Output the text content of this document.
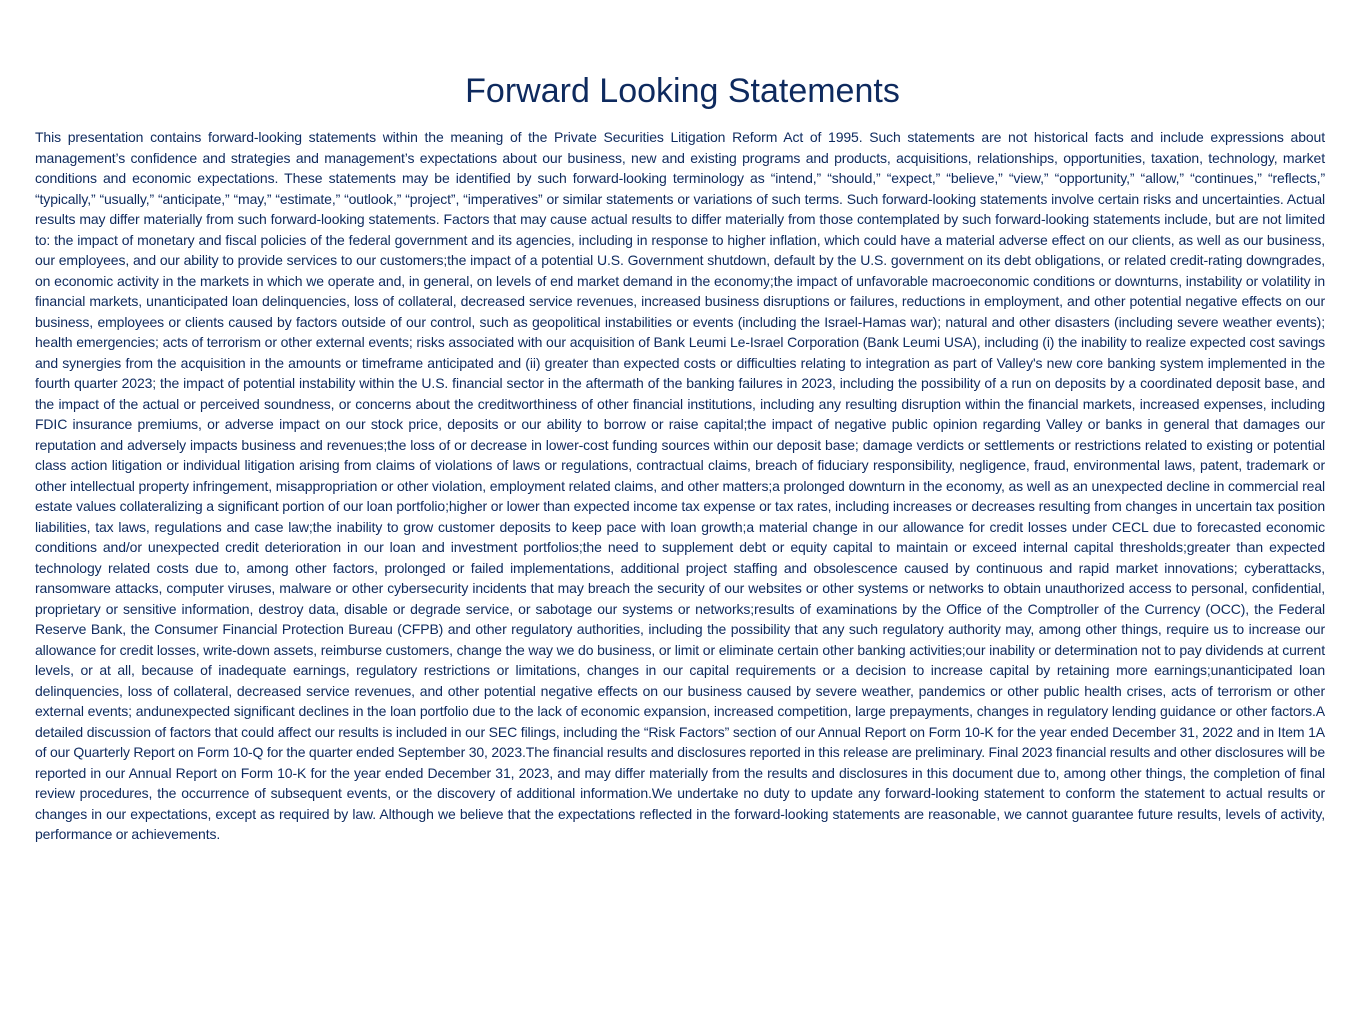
Forward Looking Statements

This presentation contains forward-looking statements within the meaning of the Private Securities Litigation Reform Act of 1995. Such statements are not historical facts and include expressions about management’s confidence and strategies and management’s expectations about our business, new and existing programs and products, acquisitions, relationships, opportunities, taxation, technology, market conditions and economic expectations. These statements may be identified by such forward-looking terminology as “intend,” “should,” “expect,” “believe,” “view,” “opportunity,” “allow,” “continues,” “reflects,” “typically,” “usually,” “anticipate,” “may,” “estimate,” “outlook,” “project”, “imperatives” or similar statements or variations of such terms. Such forward-looking statements involve certain risks and uncertainties. Actual results may differ materially from such forward-looking statements. Factors that may cause actual results to differ materially from those contemplated by such forward-looking statements include, but are not limited to: the impact of monetary and fiscal policies of the federal government and its agencies, including in response to higher inflation, which could have a material adverse effect on our clients, as well as our business, our employees, and our ability to provide services to our customers;the impact of a potential U.S. Government shutdown, default by the U.S. government on its debt obligations, or related credit-rating downgrades, on economic activity in the markets in which we operate and, in general, on levels of end market demand in the economy;the impact of unfavorable macroeconomic conditions or downturns, instability or volatility in financial markets, unanticipated loan delinquencies, loss of collateral, decreased service revenues, increased business disruptions or failures, reductions in employment, and other potential negative effects on our business, employees or clients caused by factors outside of our control, such as geopolitical instabilities or events (including the Israel-Hamas war); natural and other disasters (including severe weather events); health emergencies; acts of terrorism or other external events; risks associated with our acquisition of Bank Leumi Le-Israel Corporation (Bank Leumi USA), including (i) the inability to realize expected cost savings and synergies from the acquisition in the amounts or timeframe anticipated and (ii) greater than expected costs or difficulties relating to integration as part of Valley's new core banking system implemented in the fourth quarter 2023; the impact of potential instability within the U.S. financial sector in the aftermath of the banking failures in 2023, including the possibility of a run on deposits by a coordinated deposit base, and the impact of the actual or perceived soundness, or concerns about the creditworthiness of other financial institutions, including any resulting disruption within the financial markets, increased expenses, including FDIC insurance premiums, or adverse impact on our stock price, deposits or our ability to borrow or raise capital;the impact of negative public opinion regarding Valley or banks in general that damages our reputation and adversely impacts business and revenues;the loss of or decrease in lower-cost funding sources within our deposit base; damage verdicts or settlements or restrictions related to existing or potential class action litigation or individual litigation arising from claims of violations of laws or regulations, contractual claims, breach of fiduciary responsibility, negligence, fraud, environmental laws, patent, trademark or other intellectual property infringement, misappropriation or other violation, employment related claims, and other matters;a prolonged downturn in the economy, as well as an unexpected decline in commercial real estate values collateralizing a significant portion of our loan portfolio;higher or lower than expected income tax expense or tax rates, including increases or decreases resulting from changes in uncertain tax position liabilities, tax laws, regulations and case law;the inability to grow customer deposits to keep pace with loan growth;a material change in our allowance for credit losses under CECL due to forecasted economic conditions and/or unexpected credit deterioration in our loan and investment portfolios;the need to supplement debt or equity capital to maintain or exceed internal capital thresholds;greater than expected technology related costs due to, among other factors, prolonged or failed implementations, additional project staffing and obsolescence caused by continuous and rapid market innovations; cyberattacks, ransomware attacks, computer viruses, malware or other cybersecurity incidents that may breach the security of our websites or other systems or networks to obtain unauthorized access to personal, confidential, proprietary or sensitive information, destroy data, disable or degrade service, or sabotage our systems or networks;results of examinations by the Office of the Comptroller of the Currency (OCC), the Federal Reserve Bank, the Consumer Financial Protection Bureau (CFPB) and other regulatory authorities, including the possibility that any such regulatory authority may, among other things, require us to increase our allowance for credit losses, write-down assets, reimburse customers, change the way we do business, or limit or eliminate certain other banking activities;our inability or determination not to pay dividends at current levels, or at all, because of inadequate earnings, regulatory restrictions or limitations, changes in our capital requirements or a decision to increase capital by retaining more earnings;unanticipated loan delinquencies, loss of collateral, decreased service revenues, and other potential negative effects on our business caused by severe weather, pandemics or other public health crises, acts of terrorism or other external events; andunexpected significant declines in the loan portfolio due to the lack of economic expansion, increased competition, large prepayments, changes in regulatory lending guidance or other factors.A detailed discussion of factors that could affect our results is included in our SEC filings, including the “Risk Factors” section of our Annual Report on Form 10-K for the year ended December 31, 2022 and in Item 1A of our Quarterly Report on Form 10-Q for the quarter ended September 30, 2023.The financial results and disclosures reported in this release are preliminary. Final 2023 financial results and other disclosures will be reported in our Annual Report on Form 10-K for the year ended December 31, 2023, and may differ materially from the results and disclosures in this document due to, among other things, the completion of final review procedures, the occurrence of subsequent events, or the discovery of additional information.We undertake no duty to update any forward-looking statement to conform the statement to actual results or changes in our expectations, except as required by law. Although we believe that the expectations reflected in the forward-looking statements are reasonable, we cannot guarantee future results, levels of activity, performance or achievements.
